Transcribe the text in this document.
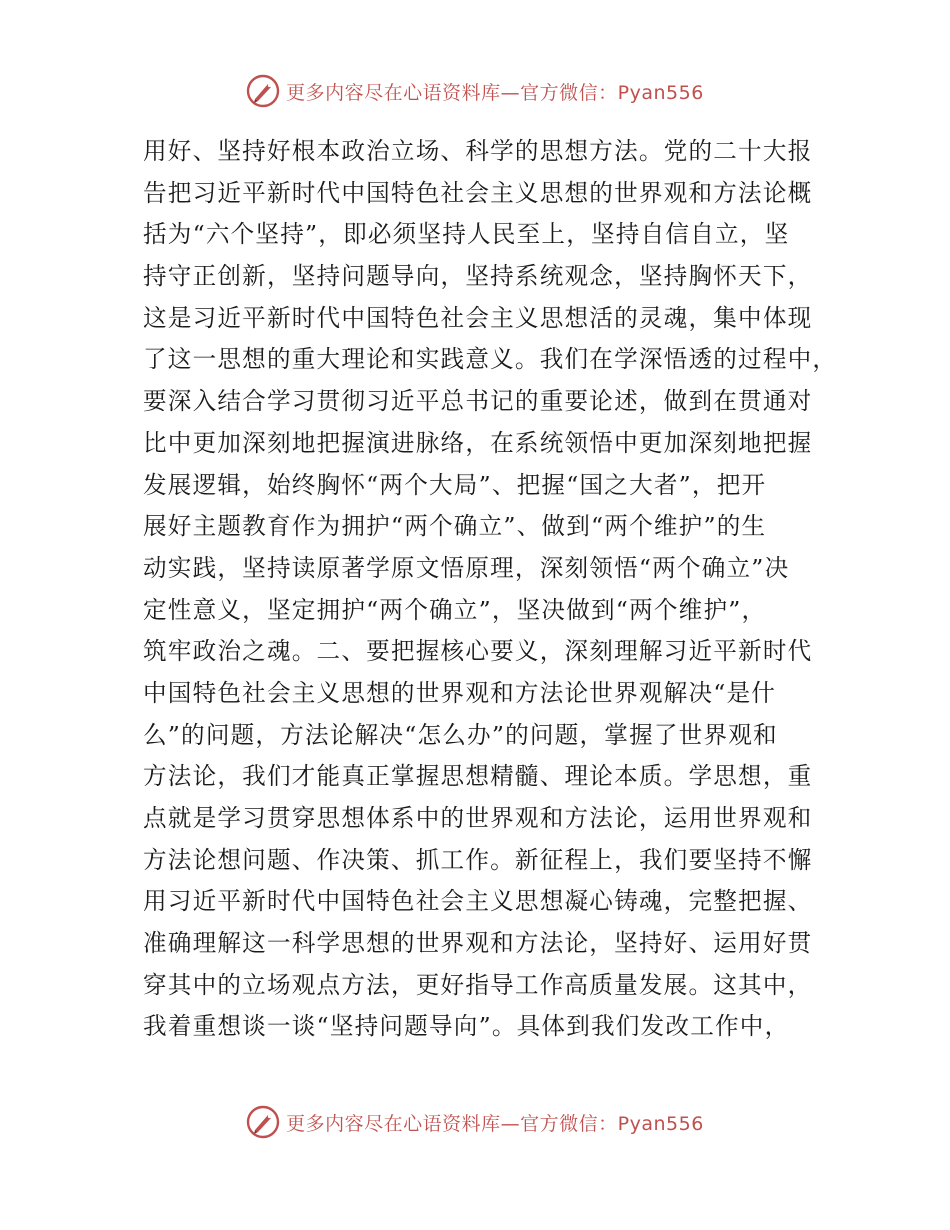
更多内容尽在心语资料库—官方微信：Pyan556
用好、坚持好根本政治立场、科学的思想方法。党的二十大报
告把习近平新时代中国特色社会主义思想的世界观和方法论概
括为“六个坚持”，即必须坚持人民至上，坚持自信自立，坚
持守正创新，坚持问题导向，坚持系统观念，坚持胸怀天下，
这是习近平新时代中国特色社会主义思想活的灵魂，集中体现
了这一思想的重大理论和实践意义。我们在学深悟透的过程中，
要深入结合学习贯彻习近平总书记的重要论述，做到在贯通对
比中更加深刻地把握演进脉络，在系统领悟中更加深刻地把握
发展逻辑，始终胸怀“两个大局”、把握“国之大者”，把开
展好主题教育作为拥护“两个确立”、做到“两个维护”的生
动实践，坚持读原著学原文悟原理，深刻领悟“两个确立”决
定性意义，坚定拥护“两个确立”，坚决做到“两个维护”，
筑牢政治之魂。二、要把握核心要义，深刻理解习近平新时代
中国特色社会主义思想的世界观和方法论世界观解决“是什
么”的问题，方法论解决“怎么办”的问题，掌握了世界观和
方法论，我们才能真正掌握思想精髓、理论本质。学思想，重
点就是学习贯穿思想体系中的世界观和方法论，运用世界观和
方法论想问题、作决策、抓工作。新征程上，我们要坚持不懈
用习近平新时代中国特色社会主义思想凝心铸魂，完整把握、
准确理解这一科学思想的世界观和方法论，坚持好、运用好贯
穿其中的立场观点方法，更好指导工作高质量发展。这其中，
我着重想谈一谈“坚持问题导向”。具体到我们发改工作中，
更多内容尽在心语资料库—官方微信：Pyan556
